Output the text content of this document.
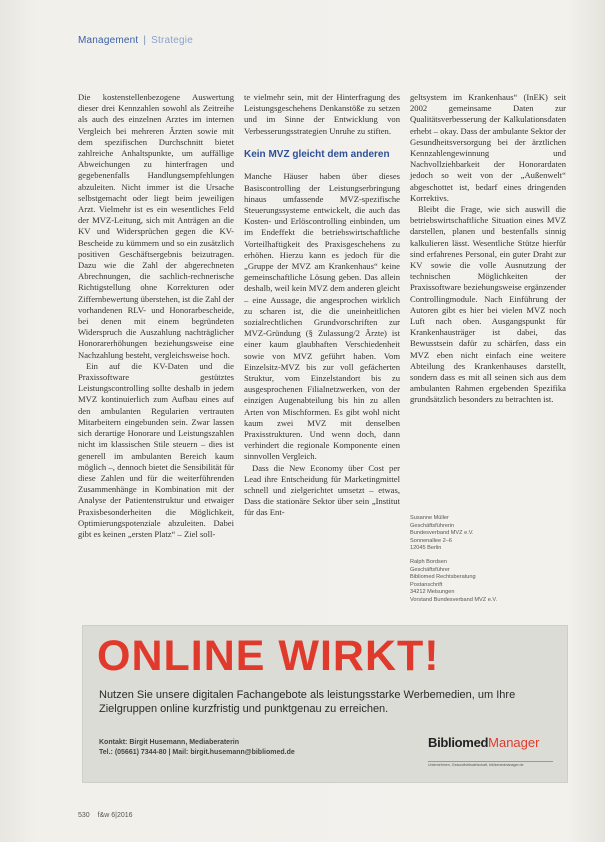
Management | Strategie

Die kostenstellenbezogene Auswertung dieser drei Kennzahlen sowohl als Zeitreihe als auch des einzelnen Arztes im internen Vergleich bei mehreren Ärzten sowie mit dem spezifischen Durchschnitt bietet zahlreiche Anhaltspunkte, um auffällige Abweichungen zu hinterfragen und gegebenenfalls Handlungsempfehlungen abzuleiten. Nicht immer ist die Ursache selbstgemacht oder liegt beim jeweiligen Arzt. Vielmehr ist es ein wesentliches Feld der MVZ-Leitung, sich mit Anträgen an die KV und Widersprüchen gegen die KV-Bescheide zu kümmern und so ein zusätzlich positiven Geschäftsergebnis beizutragen. Dazu wie die Zahl der abgerechneten Abrechnungen, die sachlich-rechnerische Richtigstellung ohne Korrekturen oder Ziffernbewertung überstehen, ist die Zahl der vorhandenen RLV- und Honorarbescheide, bei denen mit einem begründeten Widerspruch die Auszahlung nachträglicher Honorarerhöhungen beziehungsweise eine Nachzahlung besteht, vergleichsweise hoch.

Ein auf die KV-Daten und die Praxissoftware gestütztes Leistungscontrolling sollte deshalb in jedem MVZ kontinuierlich zum Aufbau eines auf den ambulanten Regularien vertrauten Mitarbeitern eingebunden sein. Zwar lassen sich derartige Honorare und Leistungszahlen nicht im klassischen Stile steuern – dies ist generell im ambulanten Bereich kaum möglich –, dennoch bietet die Sensibilität für diese Zahlen und für die weiterführenden Zusammenhänge in Kombination mit der Analyse der Patientenstruktur und etwaiger Praxisbesonderheiten die Möglichkeit, Optimierungspotenziale abzuleiten. Dabei gibt es keinen „ersten Platz“ – Ziel soll-

te vielmehr sein, mit der Hinterfragung des Leistungsgeschehens Denkanstöße zu setzen und im Sinne der Entwicklung von Verbesserungsstrategien Unruhe zu stiften.

Kein MVZ gleicht dem anderen

Manche Häuser haben über dieses Basiscontrolling der Leistungserbringung hinaus umfassende MVZ-spezifische Steuerungssysteme entwickelt, die auch das Kosten- und Erlöscontrolling einbinden, um im Endeffekt die betriebswirtschaftliche Vorteilhaftigkeit des Praxisgeschehens zu erhöhen. Hierzu kann es jedoch für die „Gruppe der MVZ am Krankenhaus“ keine gemeinschaftliche Lösung geben. Das allein deshalb, weil kein MVZ dem anderen gleicht – eine Aussage, die angesprochen wirklich zu scharen ist, die die uneinheitlichen sozialrechtlichen Grundvorschriften zur MVZ-Gründung (§ Zulassung/2 Ärzte) ist einer kaum glaubhaften Verschiedenheit sowie von MVZ geführt haben. Vom Einzelsitz-MVZ bis zur voll gefächerten Struktur, vom Einzelstandort bis zu ausgesprochenen Filialnetzwerken, von der einzigen Augenabteilung bis hin zu allen Arten von Mischformen. Es gibt wohl nicht kaum zwei MVZ mit denselben Praxisstrukturen. Und wenn doch, dann verhindert die regionale Komponente einen sinnvollen Vergleich.

Dass die New Economy über Cost per Lead ihre Entscheidung für Marketingmittel schnell und zielgerichtet umsetzt – etwas, Dass die stationäre Sektor über sein „Institut für das Ent-

geltsystem im Krankenhaus“ (InEK) seit 2002 gemeinsame Daten zur Qualitätsverbesserung der Kalkulationsdaten erhebt – okay. Dass der ambulante Sektor der Gesundheitsversorgung bei der ärztlichen Kennzahlengewinnung und Nachvollziehbarkeit der Honorardaten jedoch so weit von der „Außenwelt“ abgeschottet ist, bedarf eines dringenden Korrektivs.

Bleibt die Frage, wie sich auswill die betriebswirtschaftliche Situation eines MVZ darstellen, planen und bestenfalls sinnig kalkulieren lässt. Wesentliche Stütze hierfür sind erfahrenes Personal, ein guter Draht zur KV sowie die volle Ausnutzung der technischen Möglichkeiten der Praxissoftware beziehungsweise ergänzender Controllingmodule. Nach Einführung der Autoren gibt es hier bei vielen MVZ noch Luft nach oben. Ausgangspunkt für Krankenhausträger ist dabei, das Bewusstsein dafür zu schärfen, dass ein MVZ eben nicht einfach eine weitere Abteilung des Krankenhauses darstellt, sondern dass es mit all seinen sich aus dem ambulanten Rahmen ergebenden Spezifika grundsätzlich besonders zu betrachten ist.

Susanne Müller
Geschäftsführerin
Bundesverband MVZ e.V.
Sonnenallee 2–6
12045 Berlin
Ralph Bordsen
Geschäftsführer
Bibliomed Rechtsberatung
Postanschrift
34212 Melsungen
Vorstand Bundesverband MVZ e.V.
ONLINE WIRKT!
Nutzen Sie unsere digitalen Fachangebote als leistungsstarke Werbemedien, um Ihre Zielgruppen online kurzfristig und punktgenau zu erreichen.
Kontakt: Birgit Husemann, Mediaberaterin
Tel.: (05661) 7344-80 | Mail: birgit.husemann@bibliomed.de
BibliomedManager
Unternehmen, Gesundheitswirtschaft, bibliomedmanager.de
530 f&w 6|2016
